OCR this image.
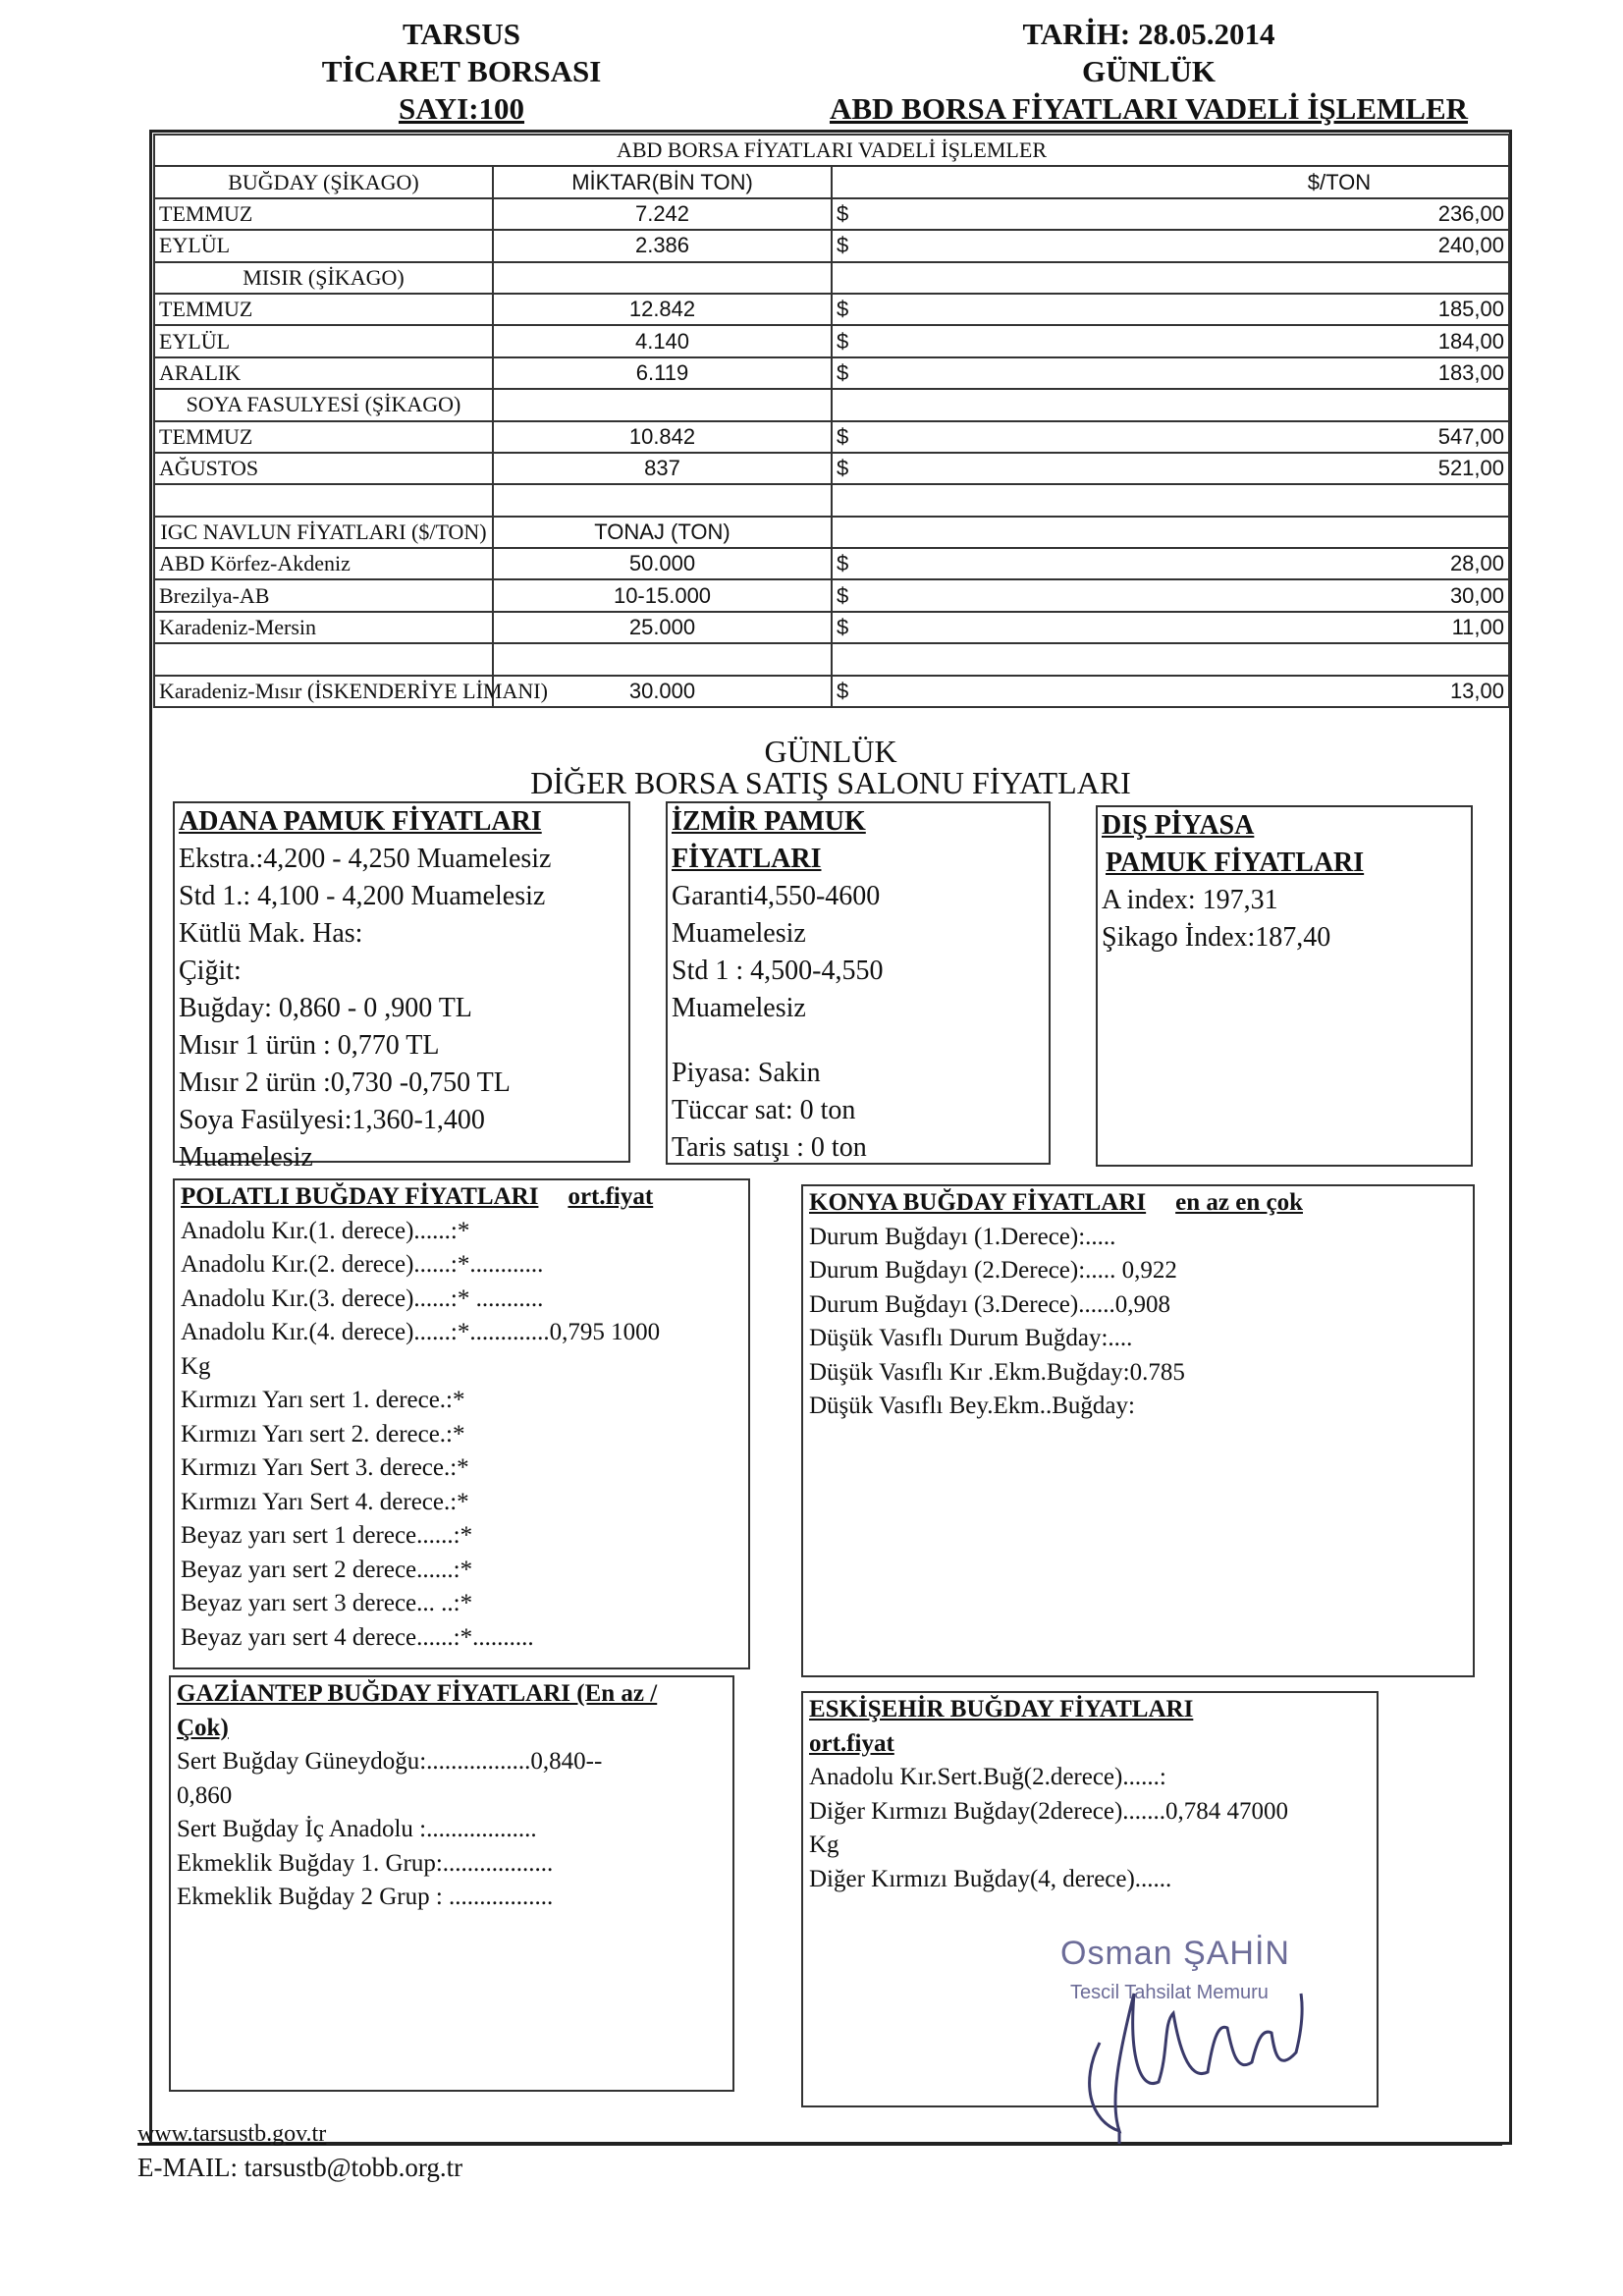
TARSUS
TİCARET BORSASI
SAYI:100
TARİH: 28.05.2014
GÜNLÜK
ABD BORSA FİYATLARI VADELİ İŞLEMLER
ABD BORSA FİYATLARI VADELİ İŞLEMLER			
BUĞDAY (ŞİKAGO)	MİKTAR(BİN TON)		$/TON
TEMMUZ	7.242	$	236,00
EYLÜL	2.386	$	240,00
MISIR (ŞİKAGO)			
TEMMUZ	12.842	$	185,00
EYLÜL	4.140	$	184,00
ARALIK	6.119	$	183,00
SOYA FASULYESİ (ŞİKAGO)			
TEMMUZ	10.842	$	547,00
AĞUSTOS	837	$	521,00

IGC NAVLUN FİYATLARI ($/TON)	TONAJ (TON)		
ABD Körfez-Akdeniz	50.000	$	28,00
Brezilya-AB	10-15.000	$	30,00
Karadeniz-Mersin	25.000	$	11,00

Karadeniz-Mısır (İSKENDERİYE LİMANI)	30.000	$	13,00
GÜNLÜK
DİĞER BORSA SATIŞ SALONU FİYATLARI
ADANA PAMUK FİYATLARI
Ekstra.:4,200 - 4,250 Muamelesiz
Std 1.: 4,100 - 4,200 Muamelesiz
Kütlü Mak. Has:
Çiğit:
Buğday: 0,860 - 0 ,900 TL
Mısır 1 ürün : 0,770 TL
Mısır 2 ürün :0,730 -0,750 TL
Soya Fasülyesi:1,360-1,400
Muamelesiz
İZMİR PAMUK
FİYATLARI
Garanti4,550-4600
Muamelesiz
Std 1 : 4,500-4,550
Muamelesiz
Piyasa: Sakin
Tüccar sat: 0 ton
Taris satışı : 0 ton
DIŞ PİYASA
PAMUK FİYATLARI
A index: 197,31
Şikago İndex:187,40
POLATLI BUĞDAY FİYATLARI ort.fiyat
Anadolu Kır.(1. derece)......:*
Anadolu Kır.(2. derece)......:*............
Anadolu Kır.(3. derece)......:* ...........
Anadolu Kır.(4. derece)......:*.............0,795 1000
Kg
Kırmızı Yarı sert 1. derece.:*
Kırmızı Yarı sert 2. derece.:*
Kırmızı Yarı Sert 3. derece.:*
Kırmızı Yarı Sert 4. derece.:*
Beyaz yarı sert 1 derece......:*
Beyaz yarı sert 2 derece......:*
Beyaz yarı sert 3 derece... ..:*
Beyaz yarı sert 4 derece......:*..........
KONYA BUĞDAY FİYATLARI en az en çok
Durum Buğdayı (1.Derece):.....
Durum Buğdayı (2.Derece):..... 0,922
Durum Buğdayı (3.Derece)......0,908
Düşük Vasıflı Durum Buğday:....
Düşük Vasıflı Kır .Ekm.Buğday:0.785
Düşük Vasıflı Bey.Ekm..Buğday:
GAZİANTEP BUĞDAY FİYATLARI (En az /
Çok)
Sert Buğday Güneydoğu:.................0,840--
0,860
Sert Buğday İç Anadolu :..................
Ekmeklik Buğday 1. Grup:..................
Ekmeklik Buğday 2 Grup : .................
ESKİŞEHİR BUĞDAY FİYATLARI
ort.fiyat
Anadolu Kır.Sert.Buğ(2.derece)......:
Diğer Kırmızı Buğday(2derece).......0,784 47000
Kg
Diğer Kırmızı Buğday(4, derece)......
Osman ŞAHİN
Tescil Tahsilat Memuru
www.tarsustb.gov.tr
E-MAIL: tarsustb@tobb.org.tr
